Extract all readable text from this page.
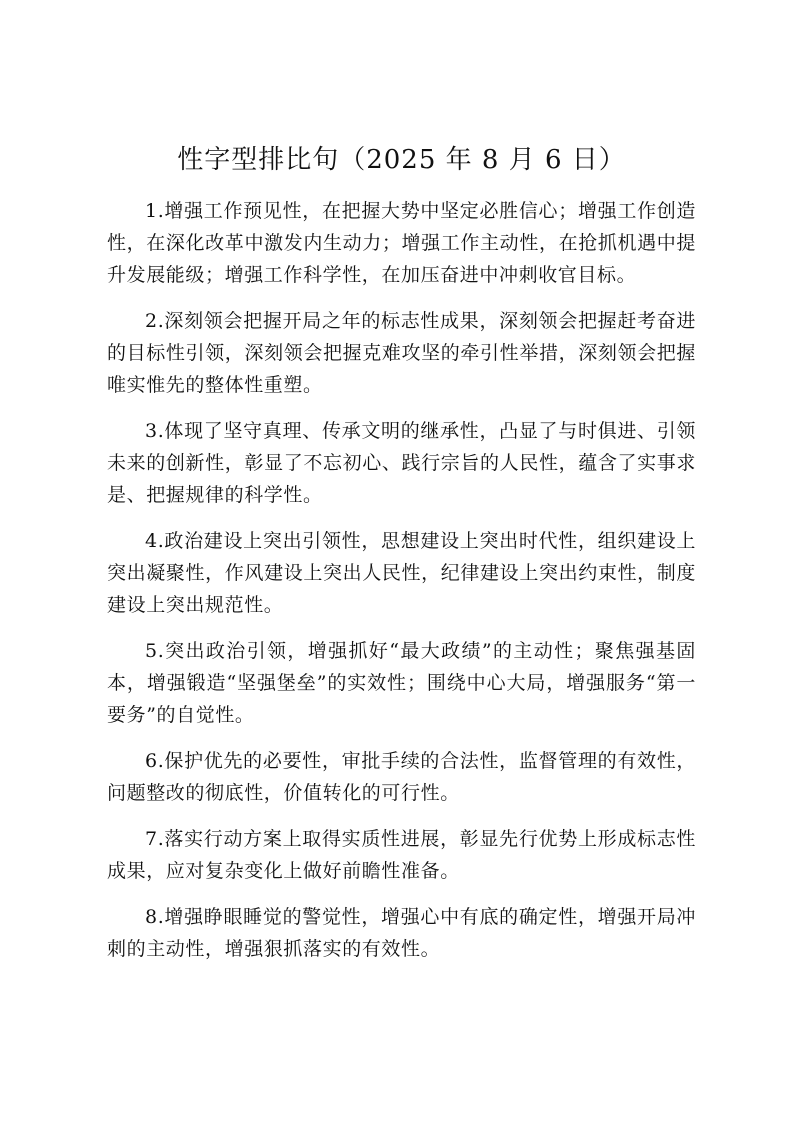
性字型排比句（2025 年 8 月 6 日）

1.增强工作预见性，在把握大势中坚定必胜信心；增强工作创造性，在深化改革中激发内生动力；增强工作主动性，在抢抓机遇中提升发展能级；增强工作科学性，在加压奋进中冲刺收官目标。

2.深刻领会把握开局之年的标志性成果，深刻领会把握赶考奋进的目标性引领，深刻领会把握克难攻坚的牵引性举措，深刻领会把握唯实惟先的整体性重塑。

3.体现了坚守真理、传承文明的继承性，凸显了与时俱进、引领未来的创新性，彰显了不忘初心、践行宗旨的人民性，蕴含了实事求是、把握规律的科学性。

4.政治建设上突出引领性，思想建设上突出时代性，组织建设上突出凝聚性，作风建设上突出人民性，纪律建设上突出约束性，制度建设上突出规范性。

5.突出政治引领，增强抓好“最大政绩”的主动性；聚焦强基固本，增强锻造“坚强堡垒”的实效性；围绕中心大局，增强服务“第一要务”的自觉性。

6.保护优先的必要性，审批手续的合法性，监督管理的有效性，问题整改的彻底性，价值转化的可行性。

7.落实行动方案上取得实质性进展，彰显先行优势上形成标志性成果，应对复杂变化上做好前瞻性准备。

8.增强睁眼睡觉的警觉性，增强心中有底的确定性，增强开局冲刺的主动性，增强狠抓落实的有效性。
